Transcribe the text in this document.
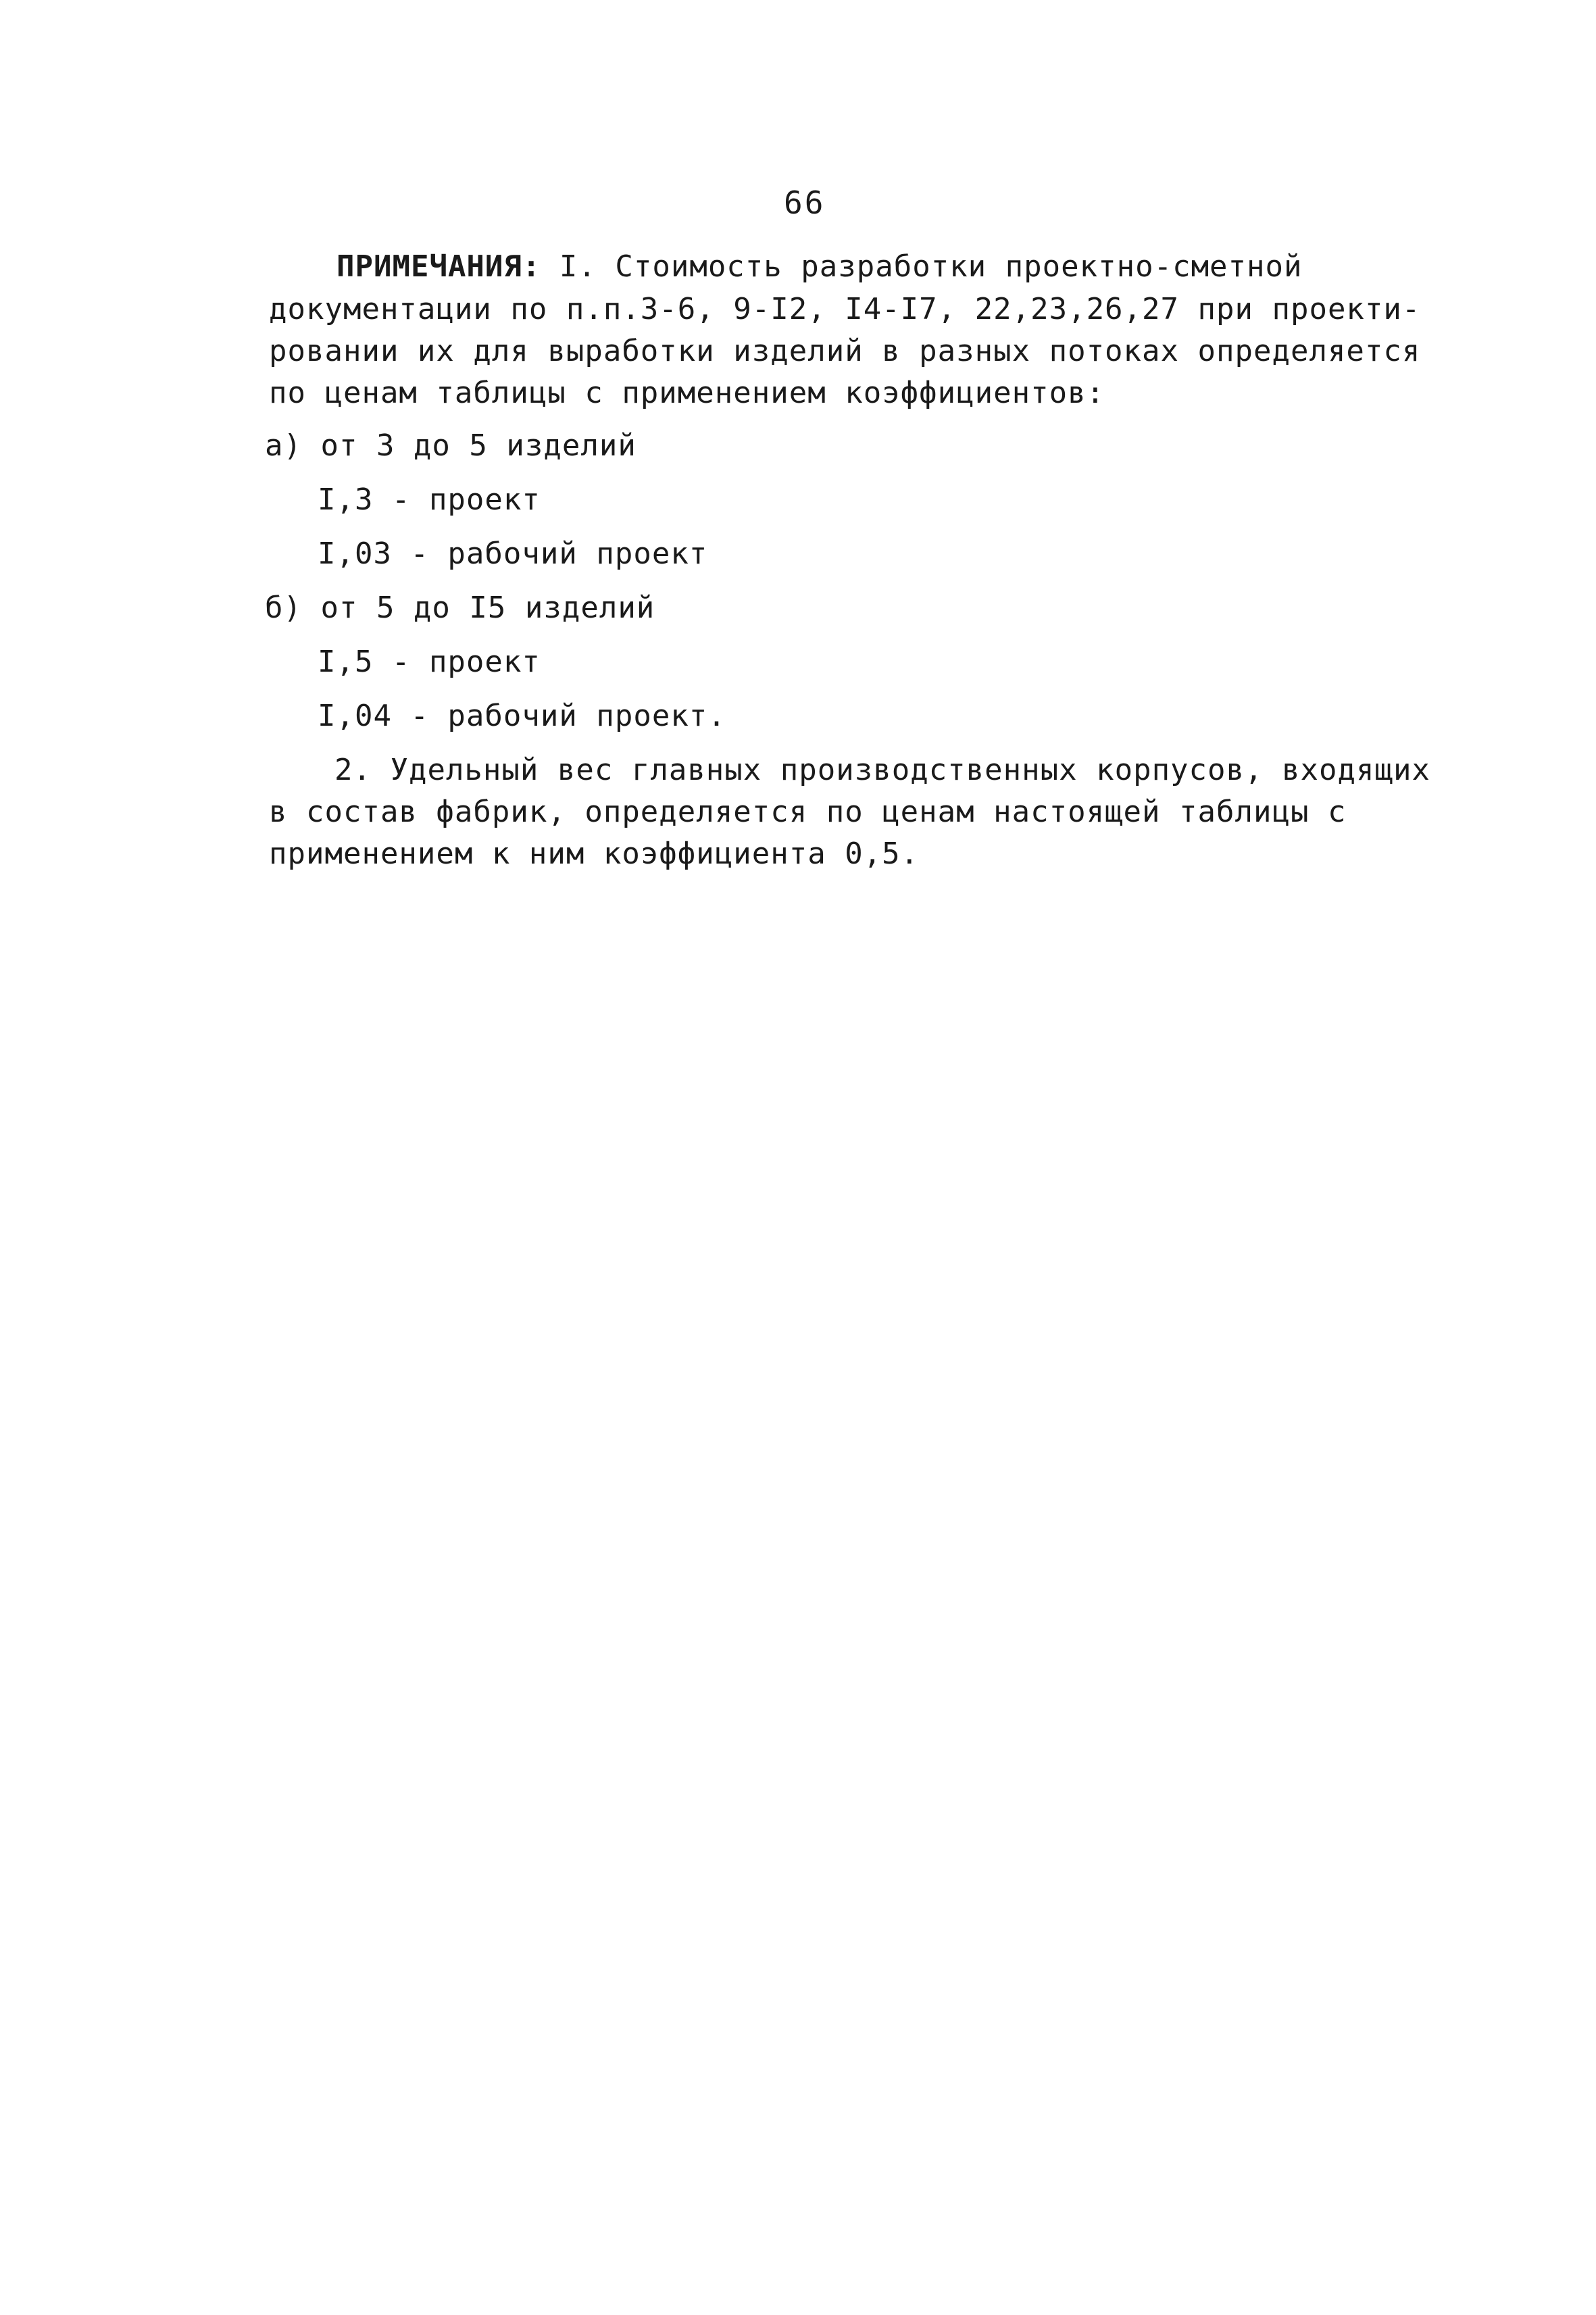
66
ПРИМЕЧАНИЯ: I. Стоимость разработки проектно-сметной
документации по п.п.3-6, 9-I2, I4-I7, 22,23,26,27 при проекти-
ровании их для выработки изделий в разных потоках определяется
по ценам таблицы с применением коэффициентов:
а) от 3 до 5 изделий
I,3 - проект
I,03 - рабочий проект
б) от 5 до I5 изделий
I,5 - проект
I,04 - рабочий проект.
2. Удельный вес главных производственных корпусов, входящих
в состав фабрик, определяется по ценам настоящей таблицы с
применением к ним коэффициента 0,5.
